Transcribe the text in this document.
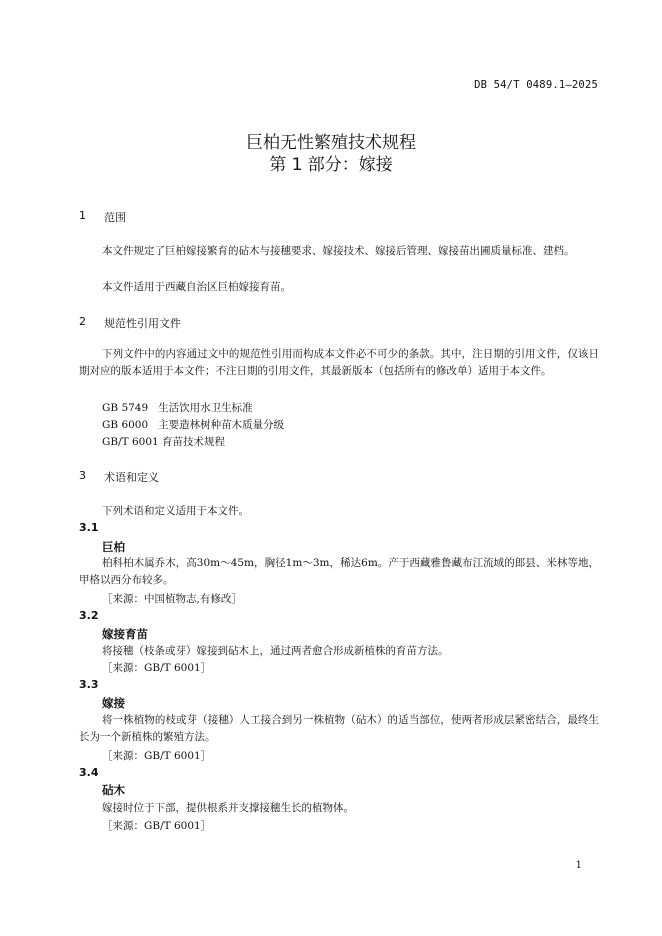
DB 54/T 0489.1—2025
巨柏无性繁殖技术规程
第 1 部分：嫁接
1 范围

本文件规定了巨柏嫁接繁育的砧木与接穗要求、嫁接技术、嫁接后管理、嫁接苗出圃质量标准、建档。

本文件适用于西藏自治区巨柏嫁接育苗。

2 规范性引用文件

下列文件中的内容通过文中的规范性引用而构成本文件必不可少的条款。其中，注日期的引用文件，仅该日期对应的版本适用于本文件；不注日期的引用文件，其最新版本（包括所有的修改单）适用于本文件。

GB 5749   生活饮用水卫生标准
GB 6000   主要造林树种苗木质量分级
GB/T 6001 育苗技术规程
3 术语和定义
下列术语和定义适用于本文件。
3.1
巨柏

柏科柏木属乔木，高30m～45m，胸径1m～3m，稀达6m。产于西藏雅鲁藏布江流域的郎县、米林等地，甲格以西分布较多。

［来源：中国植物志,有修改］
3.2
嫁接育苗

将接穗（枝条或芽）嫁接到砧木上，通过两者愈合形成新植株的育苗方法。

［来源：GB/T 6001］
3.3
嫁接

将一株植物的枝或芽（接穗）人工接合到另一株植物（砧木）的适当部位，使两者形成层紧密结合，最终生长为一个新植株的繁殖方法。

［来源：GB/T 6001］
3.4
砧木

嫁接时位于下部，提供根系并支撑接穗生长的植物体。

［来源：GB/T 6001］
1
